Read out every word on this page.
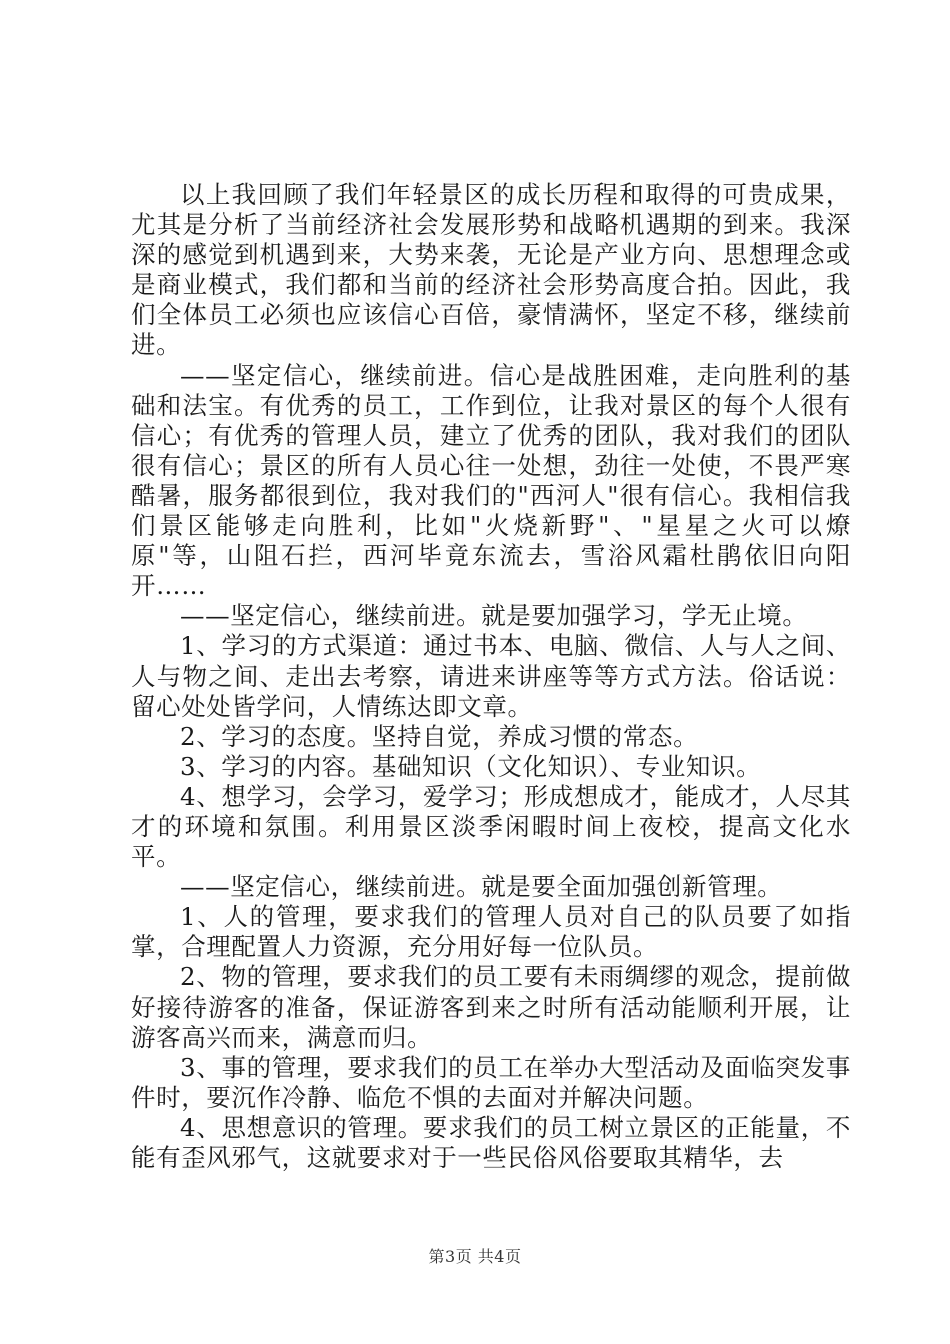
以上我回顾了我们年轻景区的成长历程和取得的可贵成果，尤其是分析了当前经济社会发展形势和战略机遇期的到来。我深深的感觉到机遇到来，大势来袭，无论是产业方向、思想理念或是商业模式，我们都和当前的经济社会形势高度合拍。因此，我们全体员工必须也应该信心百倍，豪情满怀，坚定不移，继续前进。

——坚定信心，继续前进。信心是战胜困难，走向胜利的基础和法宝。有优秀的员工，工作到位，让我对景区的每个人很有信心；有优秀的管理人员，建立了优秀的团队，我对我们的团队很有信心；景区的所有人员心往一处想，劲往一处使，不畏严寒酷暑，服务都很到位，我对我们的"西河人"很有信心。我相信我们景区能够走向胜利，比如"火烧新野"、"星星之火可以燎原"等，山阻石拦，西河毕竟东流去，雪浴风霜杜鹃依旧向阳开……

——坚定信心，继续前进。就是要加强学习，学无止境。

1、学习的方式渠道：通过书本、电脑、微信、人与人之间、人与物之间、走出去考察，请进来讲座等等方式方法。俗话说：留心处处皆学问，人情练达即文章。

2、学习的态度。坚持自觉，养成习惯的常态。

3、学习的内容。基础知识（文化知识）、专业知识。

4、想学习，会学习，爱学习；形成想成才，能成才，人尽其才的环境和氛围。利用景区淡季闲暇时间上夜校，提高文化水平。

——坚定信心，继续前进。就是要全面加强创新管理。

1、人的管理，要求我们的管理人员对自己的队员要了如指掌，合理配置人力资源，充分用好每一位队员。

2、物的管理，要求我们的员工要有未雨绸缪的观念，提前做好接待游客的准备，保证游客到来之时所有活动能顺利开展，让游客高兴而来，满意而归。

3、事的管理，要求我们的员工在举办大型活动及面临突发事件时，要沉作冷静、临危不惧的去面对并解决问题。

4、思想意识的管理。要求我们的员工树立景区的正能量，不能有歪风邪气，这就要求对于一些民俗风俗要取其精华，去

第3页 共4页
